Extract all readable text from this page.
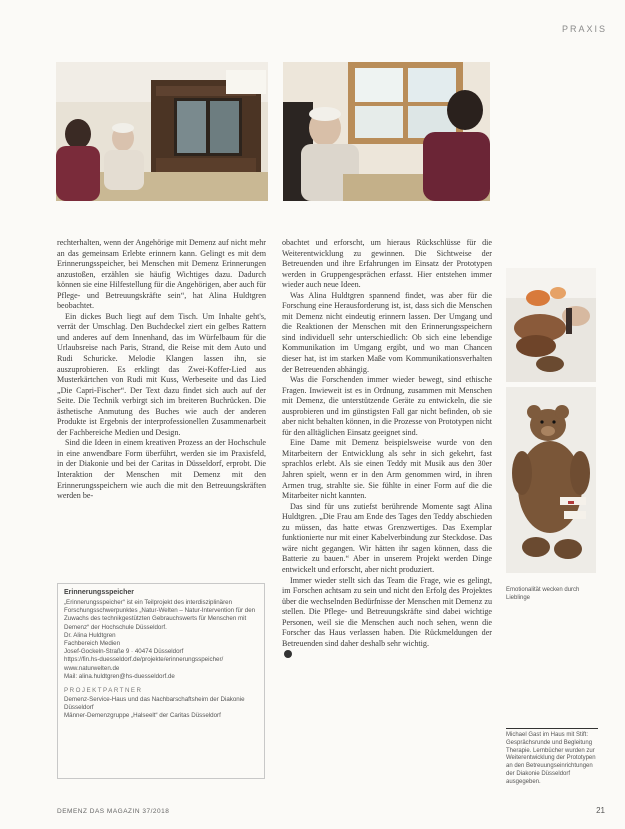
PRAXIS

rechterhalten, wenn der Angehörige mit Demenz auf nicht mehr an das gemeinsam Erlebte erinnern kann. Gelingt es mit dem Erinnerungsspeicher, bei Menschen mit Demenz Erinnerungen anzustoßen, erzählen sie häufig Wichtiges dazu. Dadurch können sie eine Hilfestellung für die Angehörigen, aber auch für Pflege- und Betreuungskräfte sein“, hat Alina Huldtgren beobachtet.

Ein dickes Buch liegt auf dem Tisch. Um Inhalte geht's, verrät der Umschlag. Den Buchdeckel ziert ein gelbes Rattern und anderes auf dem Innenhand, das im Würfelbaum für die Urlaubsreise nach Paris, Strand, die Reise mit dem Auto und Rudi Schuricke. Melodie Klangen lassen ihn, sie auszuprobieren. Es erklingt das Zwei-Koffer-Lied aus Musterkärtchen von Rudi mit Kuss, Werbeseite und das Lied „Die Capri-Fischer“. Der Text dazu findet sich auch auf der Seite. Die Technik verbirgt sich im breiteren Buchrücken. Die ästhetische Anmutung des Buches wie auch der anderen Produkte ist Ergebnis der interprofessionellen Zusammenarbeit der Fachbereiche Medien und Design.

Sind die Ideen in einem kreativen Prozess an der Hochschule in eine anwendbare Form überführt, werden sie im Praxisfeld, in der Diakonie und bei der Caritas in Düsseldorf, erprobt. Die Interaktion der Menschen mit Demenz mit den Erinnerungsspeichern wie auch die mit den Betreuungskräften werden be-

obachtet und erforscht, um hieraus Rückschlüsse für die Weiterentwicklung zu gewinnen. Die Sichtweise der Betreuenden und ihre Erfahrungen im Einsatz der Prototypen werden in Gruppengesprächen erfasst. Hier entstehen immer wieder auch neue Ideen.

Was Alina Huldtgren spannend findet, was aber für die Forschung eine Herausforderung ist, ist, dass sich die Menschen mit Demenz nicht eindeutig erinnern lassen. Der Umgang und die Reaktionen der Menschen mit den Erinnerungsspeichern sind individuell sehr unterschiedlich: Ob sich eine lebendige Kommunikation im Umgang ergibt, und wo man Chancen dieser hat, ist im starken Maße vom Kommunikationsverhalten der Betreuenden abhängig.

Was die Forschenden immer wieder bewegt, sind ethische Fragen. Inwieweit ist es in Ordnung, zusammen mit Menschen mit Demenz, die unterstützende Geräte zu entwickeln, die sie ausprobieren und im günstigsten Fall gar nicht befinden, ob sie aber nicht behalten können, in die Prozesse von Prototypen nicht für den alltäglichen Einsatz geeignet sind.

Eine Dame mit Demenz beispielsweise wurde von den Mitarbeitern der Entwicklung als sehr in sich gekehrt, fast sprachlos erlebt. Als sie einen Teddy mit Musik aus den 30er Jahren spielt, wenn er in den Arm genommen wird, in ihren Armen trug, strahlte sie. Sie fühlte in einer Form auf die die Mitarbeiter nicht kannten.

Das sind für uns zutiefst berührende Momente sagt Alina Huldtgren. „Die Frau am Ende des Tages den Teddy abschieden zu müssen, das hatte etwas Grenzwertiges. Das Exemplar funktionierte nur mit einer Kabelverbindung zur Steckdose. Das wäre nicht gegangen. Wir hätten ihr sagen können, dass die Batterie zu bauen.“ Aber in unserem Projekt werden Dinge entwickelt und erforscht, aber nicht produziert.

Immer wieder stellt sich das Team die Frage, wie es gelingt, im Forschen achtsam zu sein und nicht den Erfolg des Projektes über die wechselnden Bedürfnisse der Menschen mit Demenz zu stellen. Die Pflege- und Betreuungskräfte sind dabei wichtige Personen, weil sie die Menschen auch noch sehen, wenn die Forscher das Haus verlassen haben. Die Rückmeldungen der Betreuenden sind daher deshalb sehr wichtig.

Emotionalität wecken durch Lieblinge
Michael Gast im Haus mit Stift: Gesprächsrunde und Begleitung Therapie. Lernbücher wurden zur Weiterentwicklung der Prototypen an den Betreuungseinrichtungen der Diakonie Düsseldorf ausgegeben.

Erinnerungsspeicher

„Erinnerungsspeicher“ ist ein Teilprojekt des interdisziplinären Forschungsschwerpunktes „Natur-Welten – Natur-Intervention für den Zuwachs des technikgestützten Gebrauchswerts für Menschen mit Demenz“ der Hochschule Düsseldorf.

Dr. Alina Huldtgren

Fachbereich Medien

Josef-Gockeln-Straße 9 · 40474 Düsseldorf

https://fin.hs-duesseldorf.de/projekte/erinnerungsspeicher/

www.naturwelten.de

Mail: alina.huldtgren@hs-duesseldorf.de

PROJEKTPARTNER

Demenz-Service-Haus und das Nachbarschaftsheim der Diakonie Düsseldorf

Männer-Demenzgruppe „Halseelt“ der Caritas Düsseldorf

DEMENZ DAS MAGAZIN 37/2018	21
